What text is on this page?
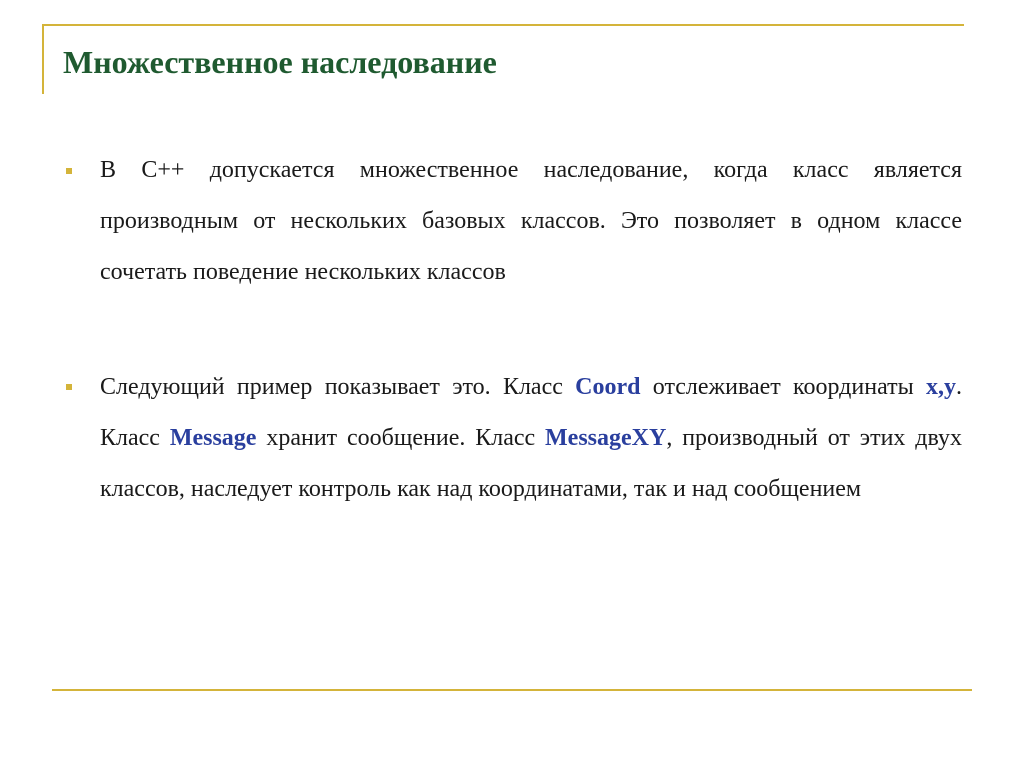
Множественное наследование

В С++ допускается множественное наследование, когда класс является производным от нескольких базовых классов. Это позволяет в одном классе сочетать поведение нескольких классов

Следующий пример показывает это. Класс Coord отслеживает координаты x,y. Класс Message хранит сообщение. Класс MessageXY, производный от этих двух классов, наследует контроль как над координатами, так и над сообщением
